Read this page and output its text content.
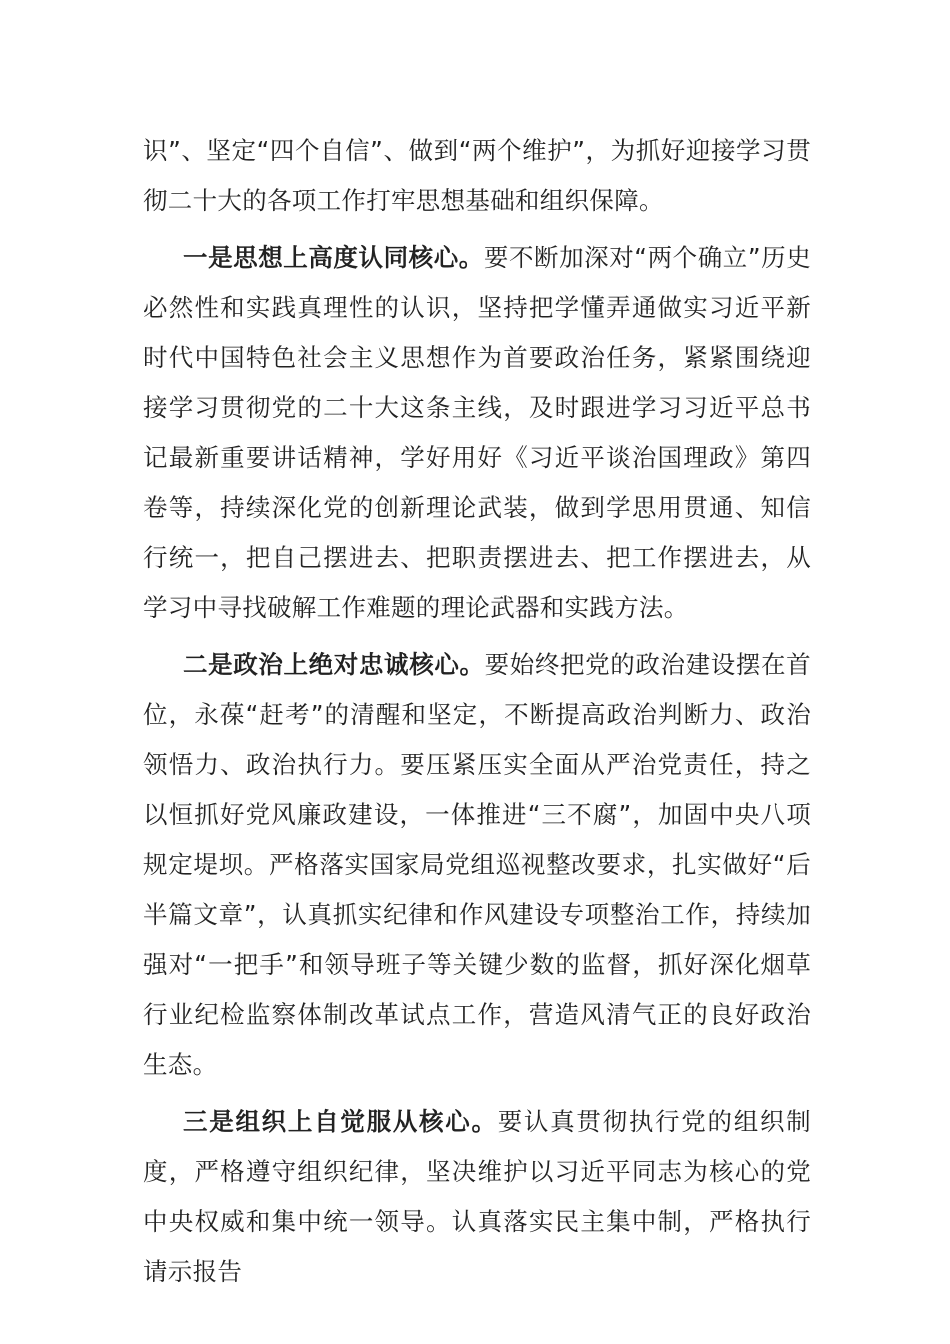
识”、坚定“四个自信”、做到“两个维护”，为抓好迎接学习贯彻二十大的各项工作打牢思想基础和组织保障。

一是思想上高度认同核心。要不断加深对“两个确立”历史必然性和实践真理性的认识，坚持把学懂弄通做实习近平新时代中国特色社会主义思想作为首要政治任务，紧紧围绕迎接学习贯彻党的二十大这条主线，及时跟进学习习近平总书记最新重要讲话精神，学好用好《习近平谈治国理政》第四卷等，持续深化党的创新理论武装，做到学思用贯通、知信行统一，把自己摆进去、把职责摆进去、把工作摆进去，从学习中寻找破解工作难题的理论武器和实践方法。

二是政治上绝对忠诚核心。要始终把党的政治建设摆在首位，永葆“赶考”的清醒和坚定，不断提高政治判断力、政治领悟力、政治执行力。要压紧压实全面从严治党责任，持之以恒抓好党风廉政建设，一体推进“三不腐”，加固中央八项规定堤坝。严格落实国家局党组巡视整改要求，扎实做好“后半篇文章”，认真抓实纪律和作风建设专项整治工作，持续加强对“一把手”和领导班子等关键少数的监督，抓好深化烟草行业纪检监察体制改革试点工作，营造风清气正的良好政治生态。

三是组织上自觉服从核心。要认真贯彻执行党的组织制度，严格遵守组织纪律，坚决维护以习近平同志为核心的党中央权威和集中统一领导。认真落实民主集中制，严格执行请示报告
